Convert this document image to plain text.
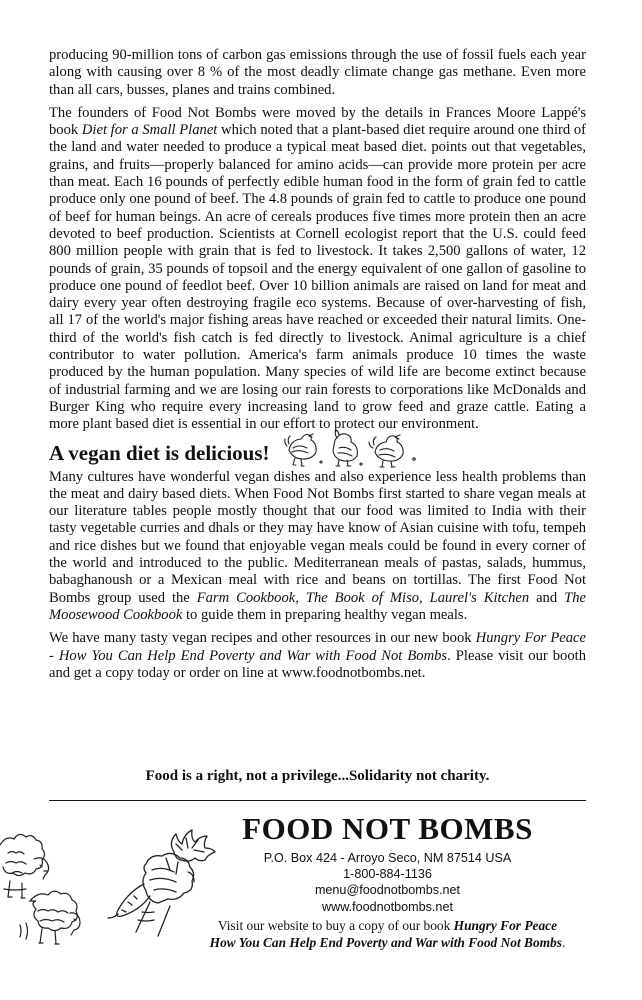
producing 90-million tons of carbon gas emissions through the use of fossil fuels each year along with causing over 8 % of the most deadly climate change gas methane. Even more than all cars, busses, planes and trains combined.

The founders of Food Not Bombs were moved by the details in Frances Moore Lappé's book Diet for a Small Planet which noted that a plant-based diet require around one third of the land and water needed to produce a typical meat based diet. points out that vegetables, grains, and fruits—properly balanced for amino acids—can provide more protein per acre than meat. Each 16 pounds of perfectly edible human food in the form of grain fed to cattle produce only one pound of beef. The 4.8 pounds of grain fed to cattle to produce one pound of beef for human beings. An acre of cereals produces five times more protein then an acre devoted to beef production. Scientists at Cornell ecologist report that the U.S. could feed 800 million people with grain that is fed to livestock. It takes 2,500 gallons of water, 12 pounds of grain, 35 pounds of topsoil and the energy equivalent of one gallon of gasoline to produce one pound of feedlot beef. Over 10 billion animals are raised on land for meat and dairy every year often destroying fragile eco systems. Because of over-harvesting of fish, all 17 of the world's major fishing areas have reached or exceeded their natural limits. One-third of the world's fish catch is fed directly to livestock. Animal agriculture is a chief contributor to water pollution. America's farm animals produce 10 times the waste produced by the human population. Many species of wild life are become extinct because of industrial farming and we are losing our rain forests to corporations like McDonalds and Burger King who require every increasing land to grow feed and graze cattle. Eating a more plant based diet is essential in our effort to protect our environment.

A vegan diet is delicious!

Many cultures have wonderful vegan dishes and also experience less health problems than the meat and dairy based diets. When Food Not Bombs first started to share vegan meals at our literature tables people mostly thought that our food was limited to India with their tasty vegetable curries and dhals or they may have know of Asian cuisine with tofu, tempeh and rice dishes but we found that enjoyable vegan meals could be found in every corner of the world and introduced to the public. Mediterranean meals of pastas, salads, hummus, babaghanoush or a Mexican meal with rice and beans on tortillas. The first Food Not Bombs group used the Farm Cookbook, The Book of Miso, Laurel's Kitchen and The Moosewood Cookbook to guide them in preparing healthy vegan meals.

We have many tasty vegan recipes and other resources in our new book Hungry For Peace - How You Can Help End Poverty and War with Food Not Bombs. Please visit our booth and get a copy today or order on line at www.foodnotbombs.net.

Food is a right, not a privilege...Solidarity not charity.
FOOD NOT BOMBS
P.O. Box 424 - Arroyo Seco, NM 87514 USA
1-800-884-1136
menu@foodnotbombs.net
www.foodnotbombs.net
Visit our website to buy a copy of our book Hungry For Peace
How You Can Help End Poverty and War with Food Not Bombs.
